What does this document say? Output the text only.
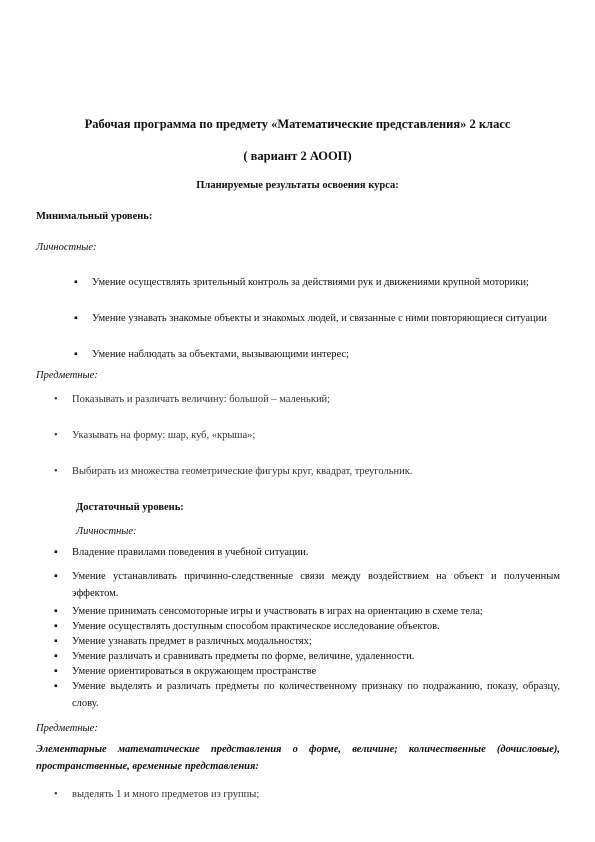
Рабочая программа по предмету «Математические представления» 2 класс
( вариант 2 АООП)
Планируемые результаты освоения курса:
Минимальный уровень:
Личностные:
▪ Умение осуществлять зрительный контроль за действиями рук и движениями крупной моторики;
▪ Умение узнавать знакомые объекты и знакомых людей, и связанные с ними повторяющиеся ситуации
▪ Умение наблюдать за объектами, вызывающими интерес;
Предметные:
• Показывать и различать величину: большой – маленький;
• Указывать на форму: шар, куб, «крыша»;
• Выбирать из множества геометрические фигуры круг, квадрат, треугольник.
Достаточный уровень:
Личностные:
▪ Владение правилами поведения в учебной ситуации.
▪ Умение устанавливать причинно-следственные связи между воздействием на объект и полученным эффектом.
▪ Умение принимать сенсомоторные игры и участвовать в играх на ориентацию в схеме тела;
▪ Умение осуществлять доступным способом практическое исследование объектов.
▪ Умение узнавать предмет в различных модальностях;
▪ Умение различать и сравнивать предметы по форме, величине, удаленности.
▪ Умение ориентироваться в окружающем пространстве
▪ Умение выделять и различать предметы по количественному признаку по подражанию, показу, образцу, слову.
Предметные:
Элементарные математические представления о форме, величине; количественные (дочисловые), пространственные, временные представления:
• выделять 1 и много предметов из группы;
